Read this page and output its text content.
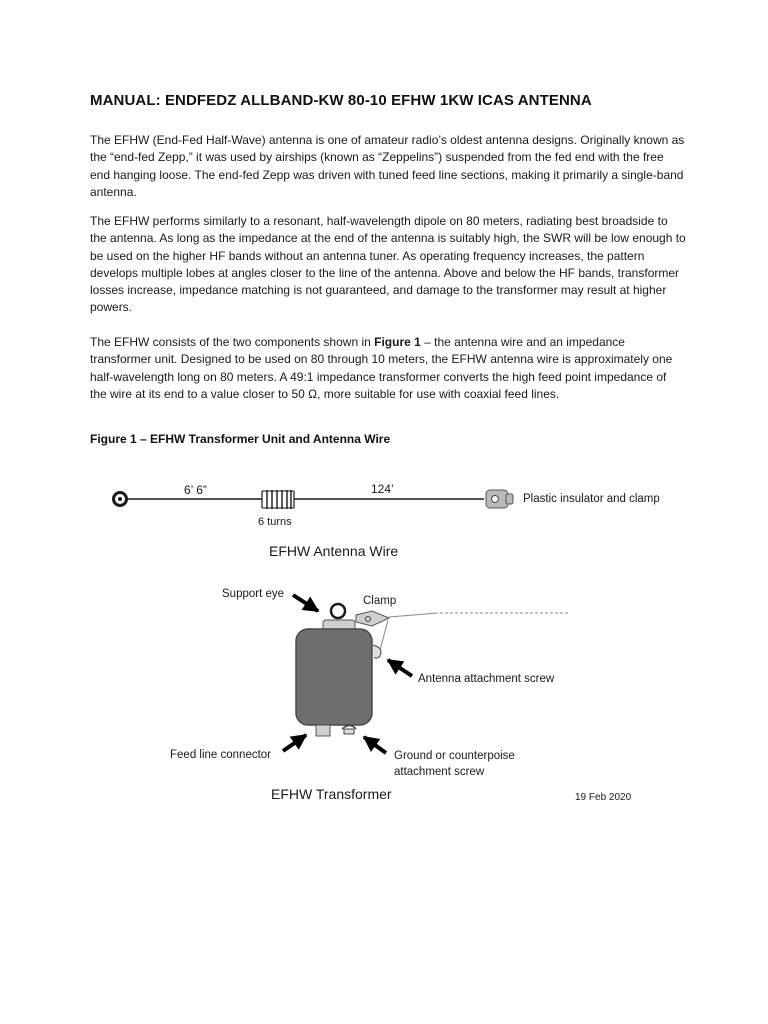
MANUAL: ENDFEDZ ALLBAND-KW 80-10 EFHW 1KW ICAS ANTENNA

The EFHW (End-Fed Half-Wave) antenna is one of amateur radio’s oldest antenna designs. Originally known as the “end-fed Zepp,” it was used by airships (known as “Zeppelins”) suspended from the fed end with the free end hanging loose. The end-fed Zepp was driven with tuned feed line sections, making it primarily a single-band antenna.

The EFHW performs similarly to a resonant, half-wavelength dipole on 80 meters, radiating best broadside to the antenna. As long as the impedance at the end of the antenna is suitably high, the SWR will be low enough to be used on the higher HF bands without an antenna tuner. As operating frequency increases, the pattern develops multiple lobes at angles closer to the line of the antenna. Above and below the HF bands, transformer losses increase, impedance matching is not guaranteed, and damage to the transformer may result at higher powers.

The EFHW consists of the two components shown in Figure 1 – the antenna wire and an impedance transformer unit. Designed to be used on 80 through 10 meters, the EFHW antenna wire is approximately one half-wavelength long on 80 meters. A 49:1 impedance transformer converts the high feed point impedance of the wire at its end to a value closer to 50 Ω, more suitable for use with coaxial feed lines.

Figure 1 – EFHW Transformer Unit and Antenna Wire

6’ 6”	124’
6 turns
Plastic insulator and clamp
EFHW Antenna Wire
Support eye
Clamp
Antenna attachment screw
Feed line connector	Ground or counterpoise
attachment screw
EFHW Transformer	19 Feb 2020
